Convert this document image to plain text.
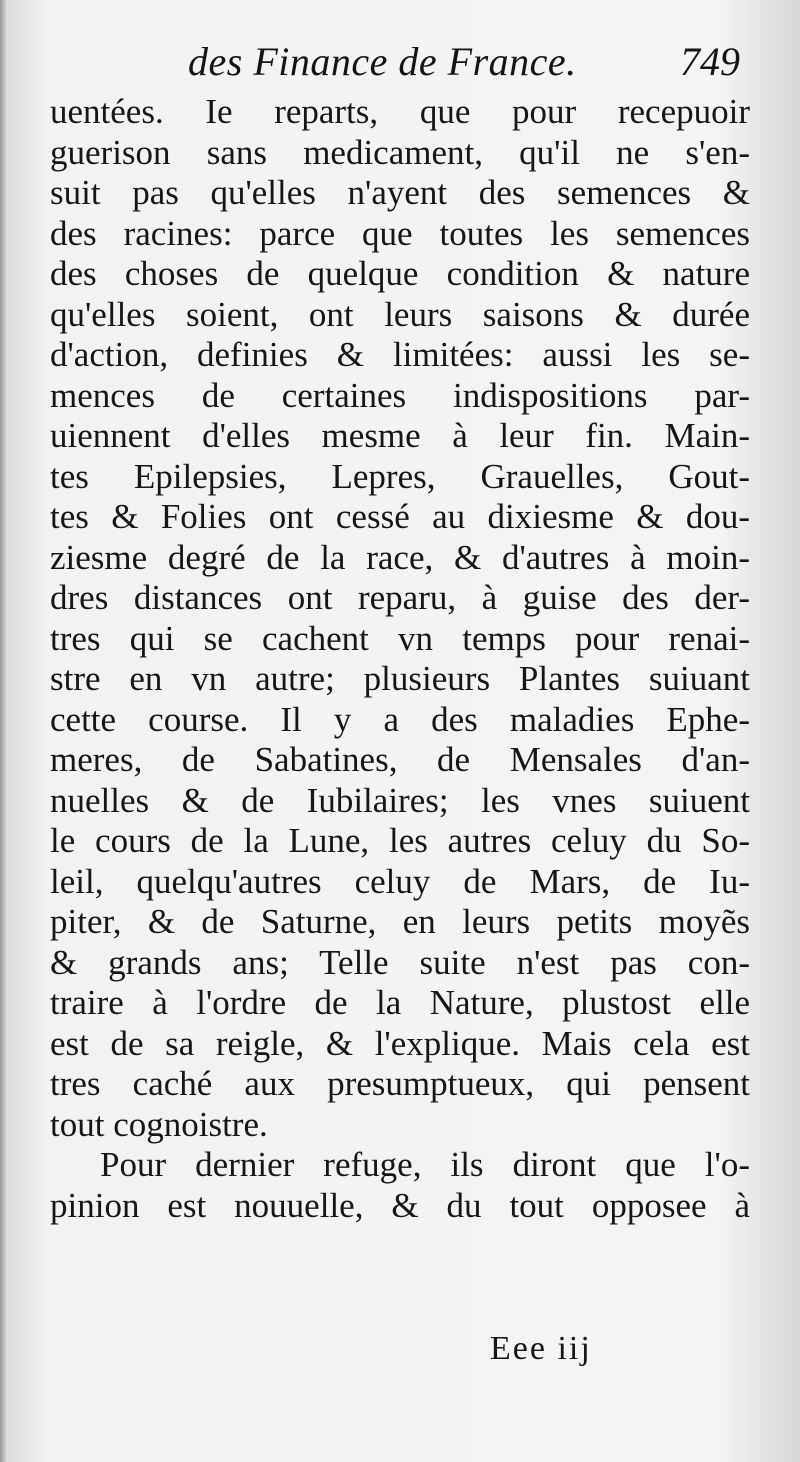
des Finance de France.	749
uentées. Ie reparts, que pour recepuoir
guerison sans medicament, qu'il ne s'en-
suit pas qu'elles n'ayent des semences &
des racines: parce que toutes les semences
des choses de quelque condition & nature
qu'elles soient, ont leurs saisons & durée
d'action, definies & limitées: aussi les se-
mences de certaines indispositions par-
uiennent d'elles mesme à leur fin. Main-
tes Epilepsies, Lepres, Grauelles, Gout-
tes & Folies ont cessé au dixiesme & dou-
ziesme degré de la race, & d'autres à moin-
dres distances ont reparu, à guise des der-
tres qui se cachent vn temps pour renai-
stre en vn autre; plusieurs Plantes suiuant
cette course. Il y a des maladies Ephe-
meres, de Sabatines, de Mensales d'an-
nuelles & de Iubilaires; les vnes suiuent
le cours de la Lune, les autres celuy du So-
leil, quelqu'autres celuy de Mars, de Iu-
piter, & de Saturne, en leurs petits moyẽs
& grands ans; Telle suite n'est pas con-
traire à l'ordre de la Nature, plustost elle
est de sa reigle, & l'explique. Mais cela est
tres caché aux presumptueux, qui pensent
tout cognoistre.
Pour dernier refuge, ils diront que l'o-
pinion est nouuelle, & du tout opposee à
Eee iij
